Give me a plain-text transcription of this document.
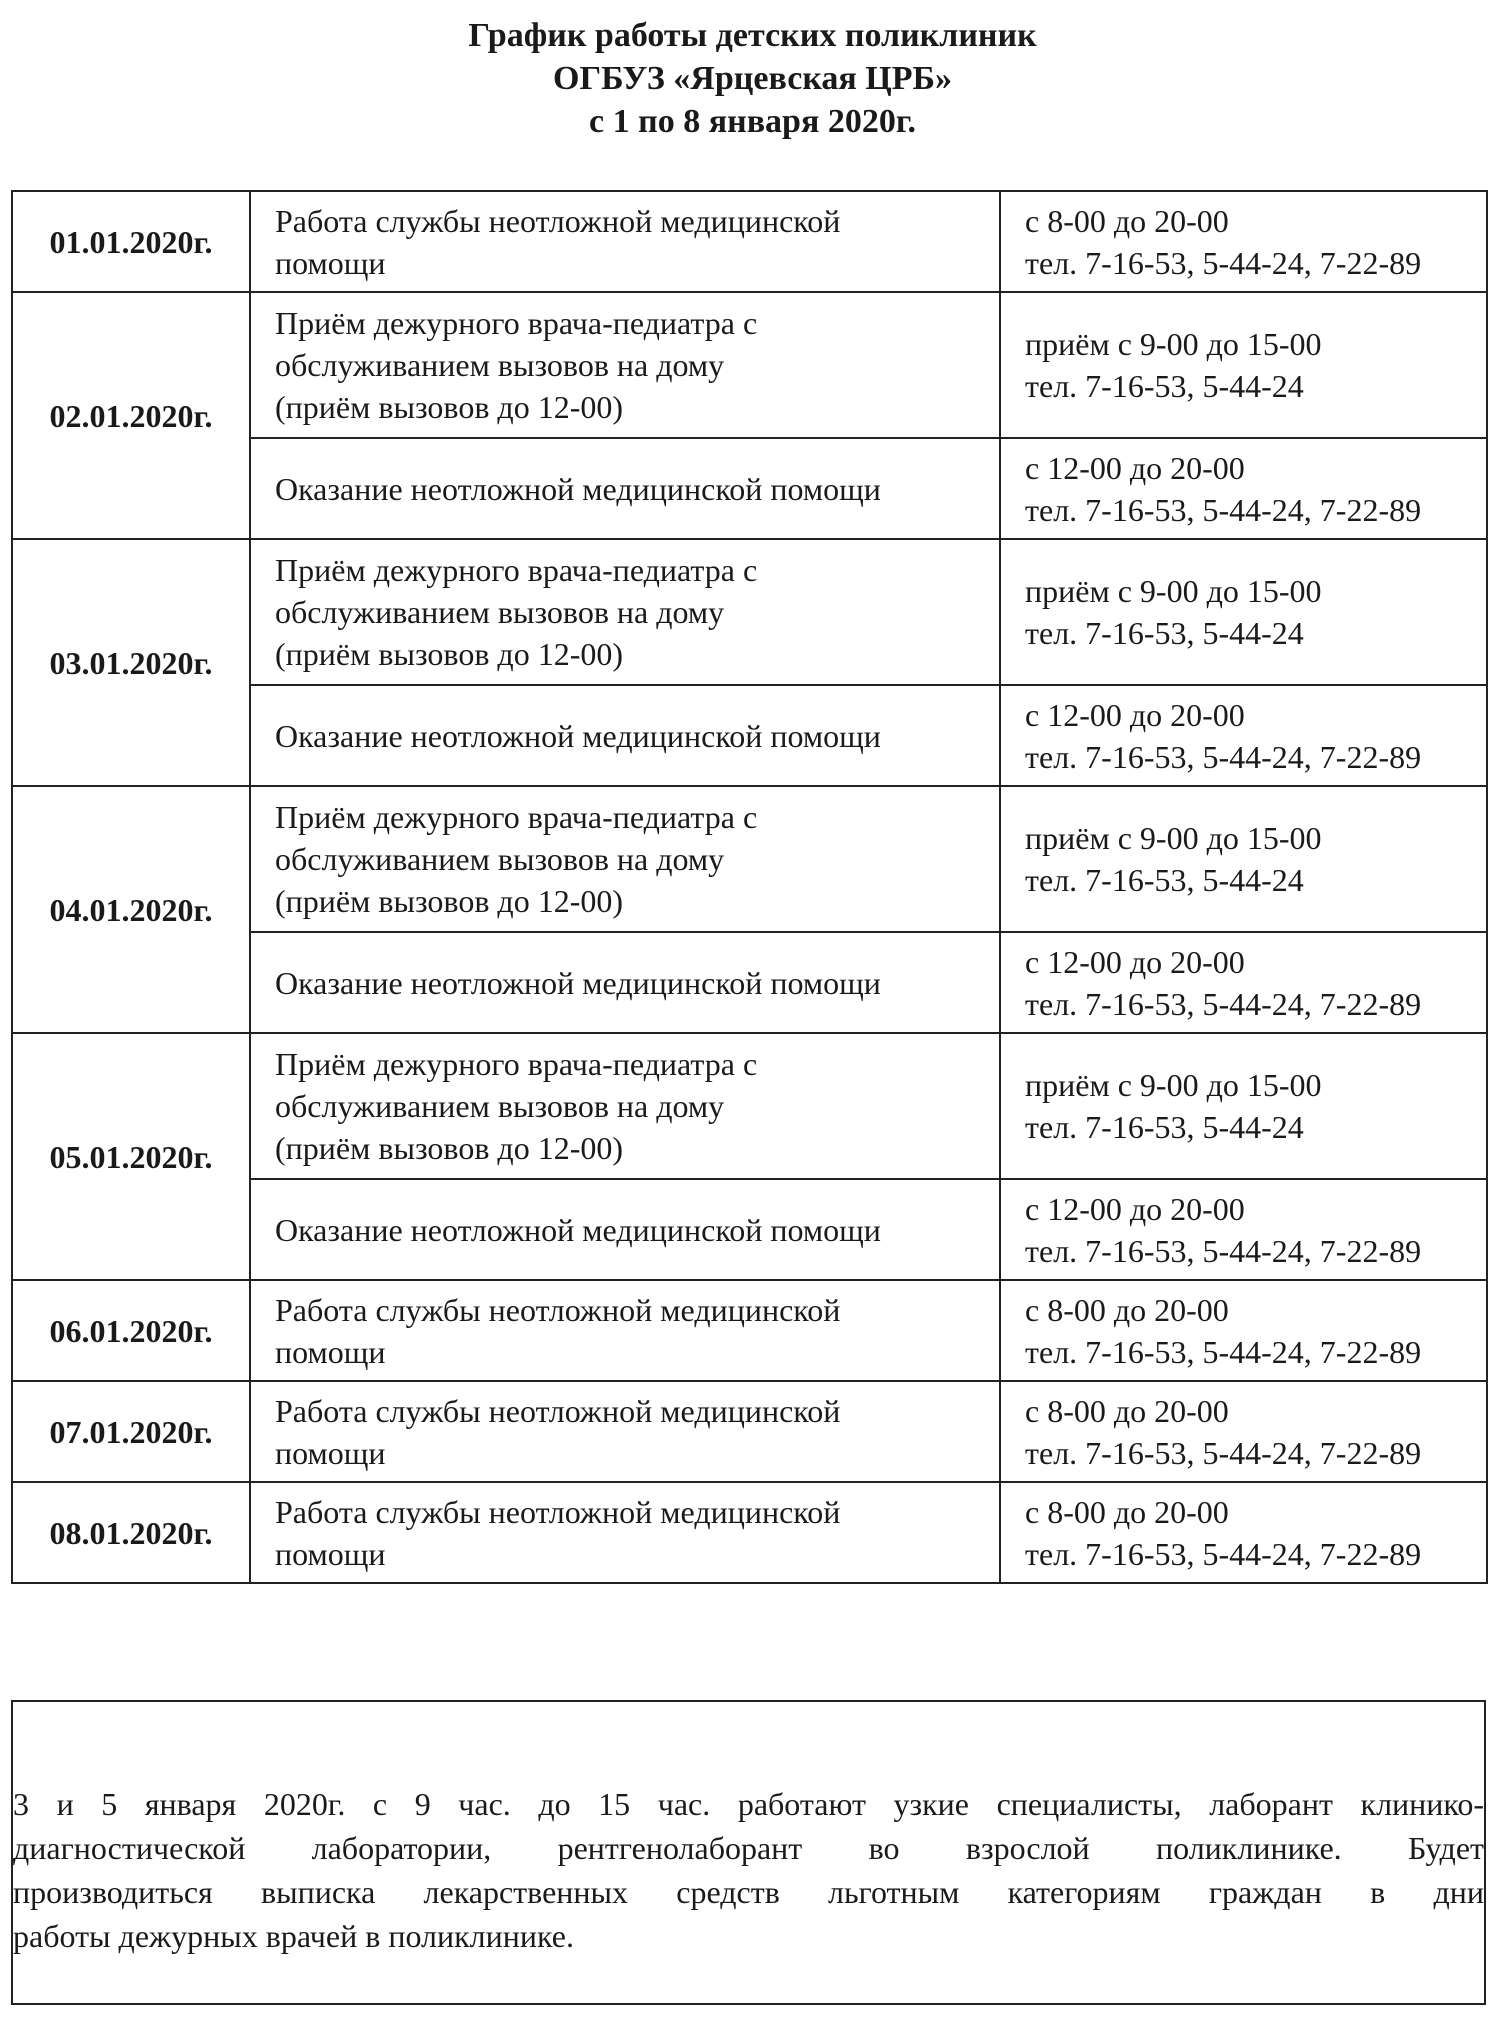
График работы детских поликлиник
ОГБУЗ «Ярцевская ЦРБ»
с 1 по 8 января 2020г.
01.01.2020г.	Работа службы неотложной медицинской
помощи	с 8-00 до 20-00
тел. 7-16-53, 5-44-24, 7-22-89

02.01.2020г.	Приём дежурного врача-педиатра с
обслуживанием вызовов на дому
(приём вызовов до 12-00)	приём с 9-00 до 15-00
тел. 7-16-53, 5-44-24

	Оказание неотложной медицинской помощи	с 12-00 до 20-00
тел. 7-16-53, 5-44-24, 7-22-89

03.01.2020г.	Приём дежурного врача-педиатра с
обслуживанием вызовов на дому
(приём вызовов до 12-00)	приём с 9-00 до 15-00
тел. 7-16-53, 5-44-24

	Оказание неотложной медицинской помощи	с 12-00 до 20-00
тел. 7-16-53, 5-44-24, 7-22-89

04.01.2020г.	Приём дежурного врача-педиатра с
обслуживанием вызовов на дому
(приём вызовов до 12-00)	приём с 9-00 до 15-00
тел. 7-16-53, 5-44-24

	Оказание неотложной медицинской помощи	с 12-00 до 20-00
тел. 7-16-53, 5-44-24, 7-22-89

05.01.2020г.	Приём дежурного врача-педиатра с
обслуживанием вызовов на дому
(приём вызовов до 12-00)	приём с 9-00 до 15-00
тел. 7-16-53, 5-44-24

	Оказание неотложной медицинской помощи	с 12-00 до 20-00
тел. 7-16-53, 5-44-24, 7-22-89

06.01.2020г.	Работа службы неотложной медицинской
помощи	с 8-00 до 20-00
тел. 7-16-53, 5-44-24, 7-22-89

07.01.2020г.	Работа службы неотложной медицинской
помощи	с 8-00 до 20-00
тел. 7-16-53, 5-44-24, 7-22-89

08.01.2020г.	Работа службы неотложной медицинской
помощи	с 8-00 до 20-00
тел. 7-16-53, 5-44-24, 7-22-89
3 и 5 января 2020г. с 9 час. до 15 час. работают узкие специалисты, лаборант клинико-
диагностической лаборатории, рентгенолаборант во взрослой поликлинике. Будет
производиться выписка лекарственных средств льготным категориям граждан в дни
работы дежурных врачей в поликлинике.
